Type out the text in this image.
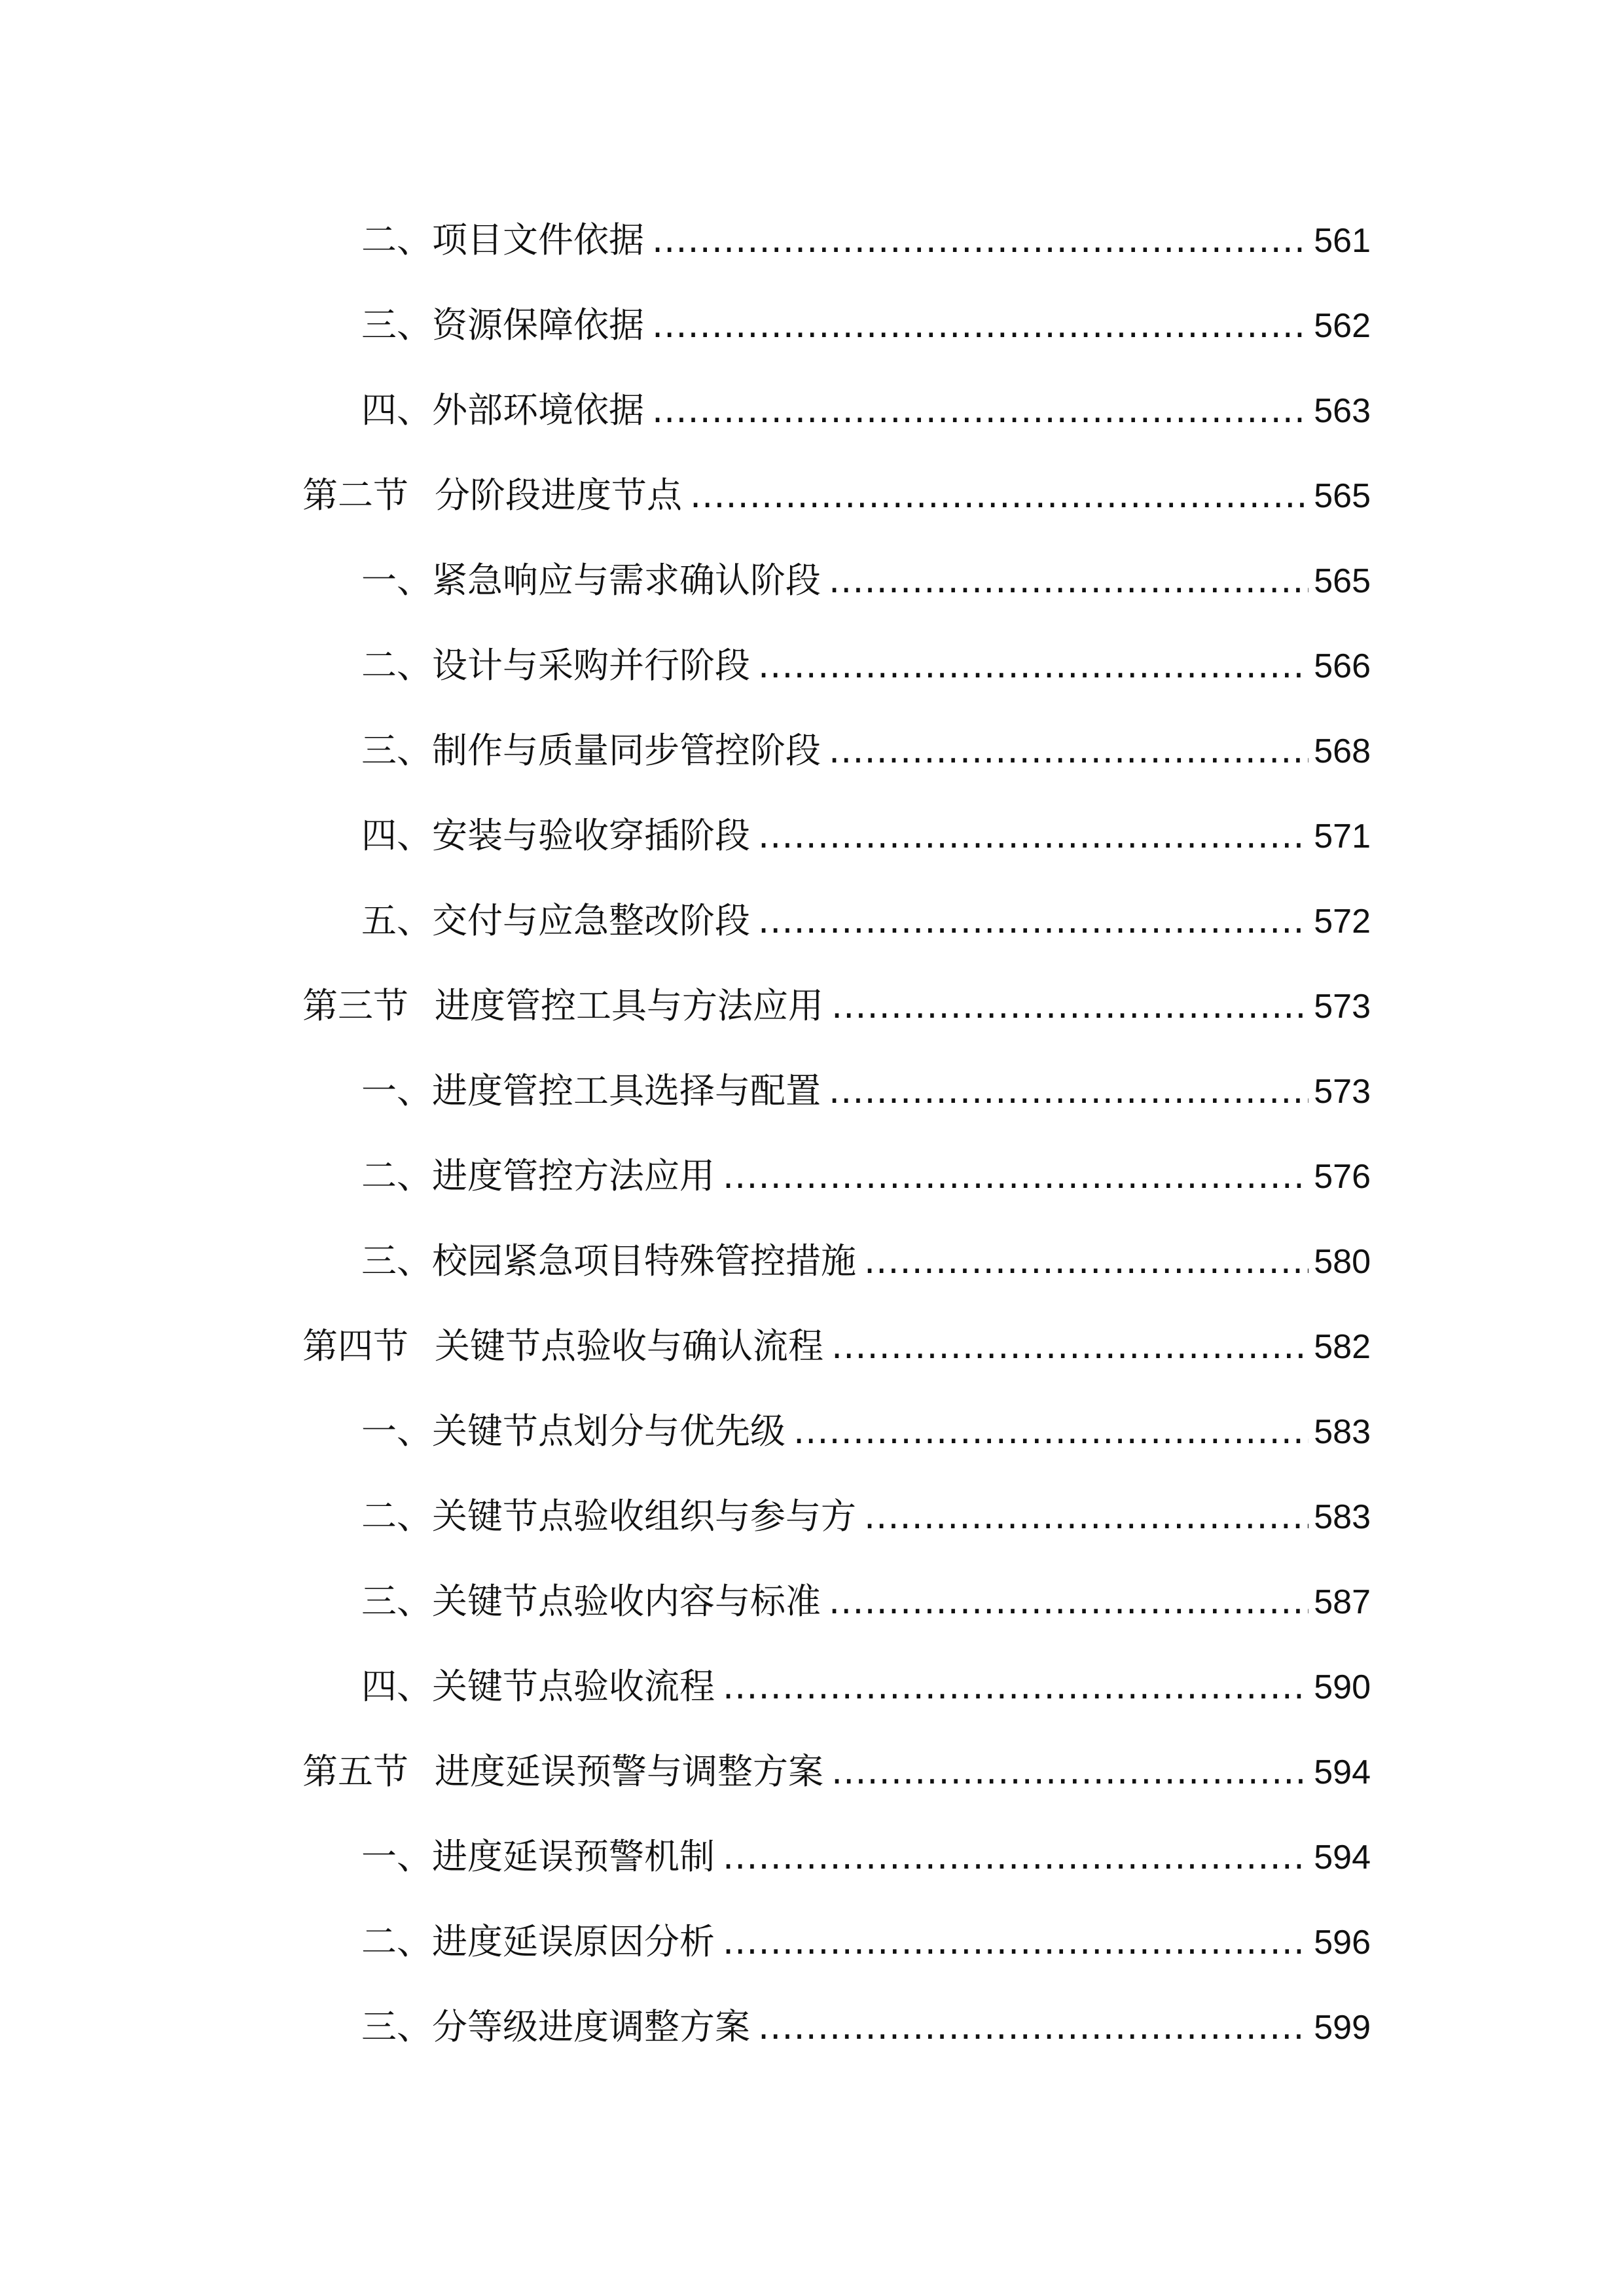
二、项目文件依据 .....	561
三、资源保障依据 .....	562
四、外部环境依据 .....	563
第二节 分阶段进度节点 .....	565
一、紧急响应与需求确认阶段 .....	565
二、设计与采购并行阶段 .....	566
三、制作与质量同步管控阶段 .....	568
四、安装与验收穿插阶段 .....	571
五、交付与应急整改阶段 .....	572
第三节 进度管控工具与方法应用 .....	573
一、进度管控工具选择与配置 .....	573
二、进度管控方法应用 .....	576
三、校园紧急项目特殊管控措施 .....	580
第四节 关键节点验收与确认流程 .....	582
一、关键节点划分与优先级 .....	583
二、关键节点验收组织与参与方 .....	583
三、关键节点验收内容与标准 .....	587
四、关键节点验收流程 .....	590
第五节 进度延误预警与调整方案 .....	594
一、进度延误预警机制 .....	594
二、进度延误原因分析 .....	596
三、分等级进度调整方案 .....	599
